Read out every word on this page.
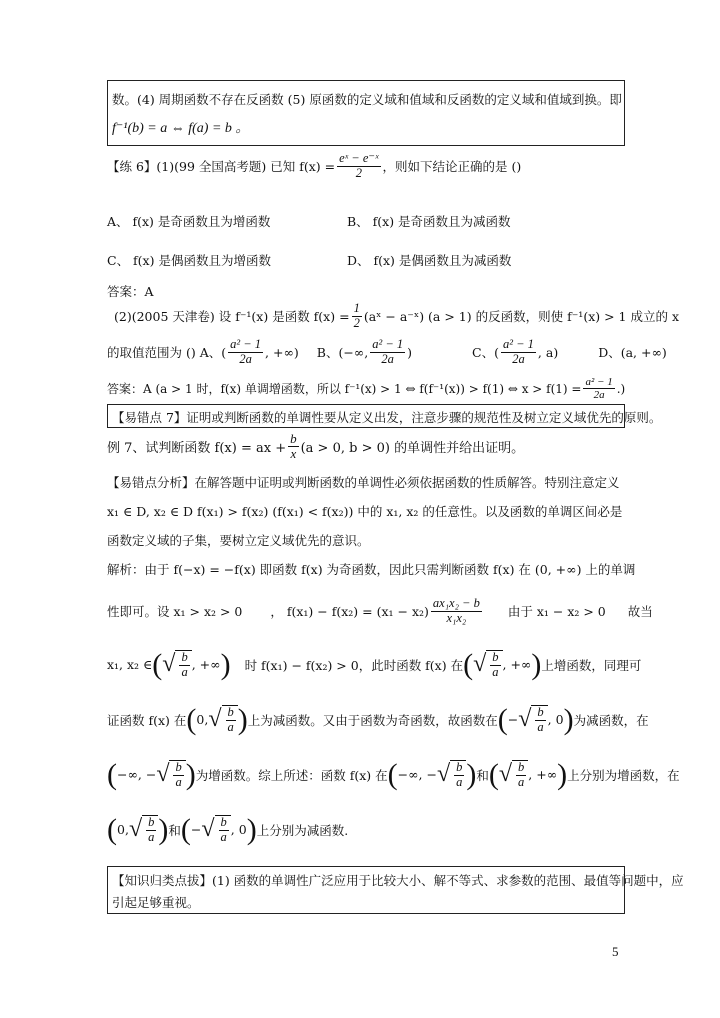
数。(4) 周期函数不存在反函数 (5) 原函数的定义域和值域和反函数的定义域和值域到换。即
f⁻¹(b) = a ⇔ f(a) = b 。
【练 6】(1)(99 全国高考题) 已知 $f(x) = \frac{\text{eˣ − e⁻ˣ}}{2}$ ，则如下结论正确的是 ()
A、 f(x) 是奇函数且为增函数	B、 f(x) 是奇函数且为减函数
C、 f(x) 是偶函数且为增函数	D、 f(x) 是偶函数且为减函数
答案：A
(2)(2005 天津卷) 设 f⁻¹(x) 是函数 $f(x) = \frac{1}{2}$ (aˣ − a⁻ˣ) (a > 1) 的反函数，则使 f⁻¹(x) > 1 成立的 x
的取值范围为 () A、( $\frac{\text{a² − 1}}{2a}$ , +∞) B、(−∞, $\frac{\text{a² − 1}}{2a}$ )	C、( $\frac{\text{a² − 1}}{2a}$ , a)	D、(a, +∞)
答案：A (a > 1 时，f(x) 单调增函数，所以 f⁻¹(x) > 1 ⇔ f(f⁻¹(x)) > f(1) ⇔ $x > f(1) = \frac{\text{a² − 1}}{2a}$ .)
【易错点 7】证明或判断函数的单调性要从定义出发，注意步骤的规范性及树立定义域优先的原则。
例 7、试判断函数 f(x) = ax + $\frac{b}{x} (a > 0$, b > 0) 的单调性并给出证明。
【易错点分析】在解答题中证明或判断函数的单调性必须依据函数的性质解答。特别注意定义
x₁ ∈ D, x₂ ∈ D f(x₁) > f(x₂) (f(x₁) < f(x₂)) 中的 x₁, x₂ 的任意性。以及函数的单调区间必是
函数定义域的子集，要树立定义域优先的意识。
解析：由于 f(−x) = −f(x) 即函数 f(x) 为奇函数，因此只需判断函数 f(x) 在 (0, +∞) 上的单调
性即可。设 x₁ > x₂ > 0 ， $f(x_1) - f(x_2) = (x_1 - x_2) \frac{\text{ax₁x₂ − b}}{\text{x₁x₂}}$ 由于 x₁ − x₂ > 0 故当
x₁, x₂ ∈ ( √ $\frac{b}{a}$ , +∞ ) 时 f(x₁) − f(x₂) > 0，此时函数 f(x) 在 ( √ $\frac{b}{a}$ , +∞ ) 上增函数，同理可
证函数 f(x) 在 ( 0, √ $\frac{b}{a}$ ) 上为减函数。又由于函数为奇函数，故函数在 ( − √ $\frac{b}{a}$ , 0 ) 为减函数，在
( −∞, − √ $\frac{b}{a}$ ) 为增函数。综上所述：函数 f(x) 在 ( −∞, − √ $\frac{b}{a}$ ) 和 ( √ $\frac{b}{a}$ , +∞ ) 上分别为增函数，在
( 0, √ $\frac{b}{a}$ ) 和 ( − √ $\frac{b}{a}$ , 0 ) 上分别为减函数.
【知识归类点拔】(1) 函数的单调性广泛应用于比较大小、解不等式、求参数的范围、最值等问题中，应
引起足够重视。
5
